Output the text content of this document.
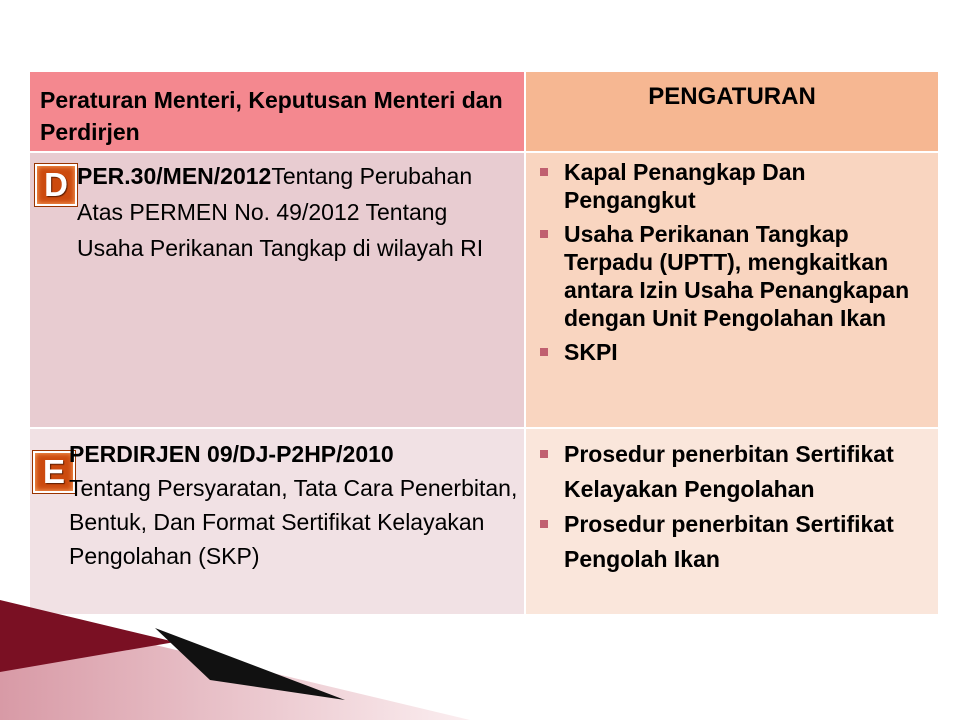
Peraturan Menteri, Keputusan Menteri dan Perdirjen
PENGATURAN
D PER.30/MEN/2012Tentang Perubahan Atas PERMEN No. 49/2012 Tentang Usaha Perikanan Tangkap di wilayah RI
Kapal Penangkap Dan Pengangkut
Usaha Perikanan Tangkap Terpadu (UPTT), mengkaitkan antara Izin Usaha Penangkapan dengan Unit Pengolahan Ikan
SKPI
E PERDIRJEN 09/DJ-P2HP/2010
Tentang Persyaratan, Tata Cara Penerbitan, Bentuk, Dan Format Sertifikat Kelayakan Pengolahan (SKP)
Prosedur penerbitan Sertifikat Kelayakan Pengolahan
Prosedur penerbitan Sertifikat Pengolah Ikan
